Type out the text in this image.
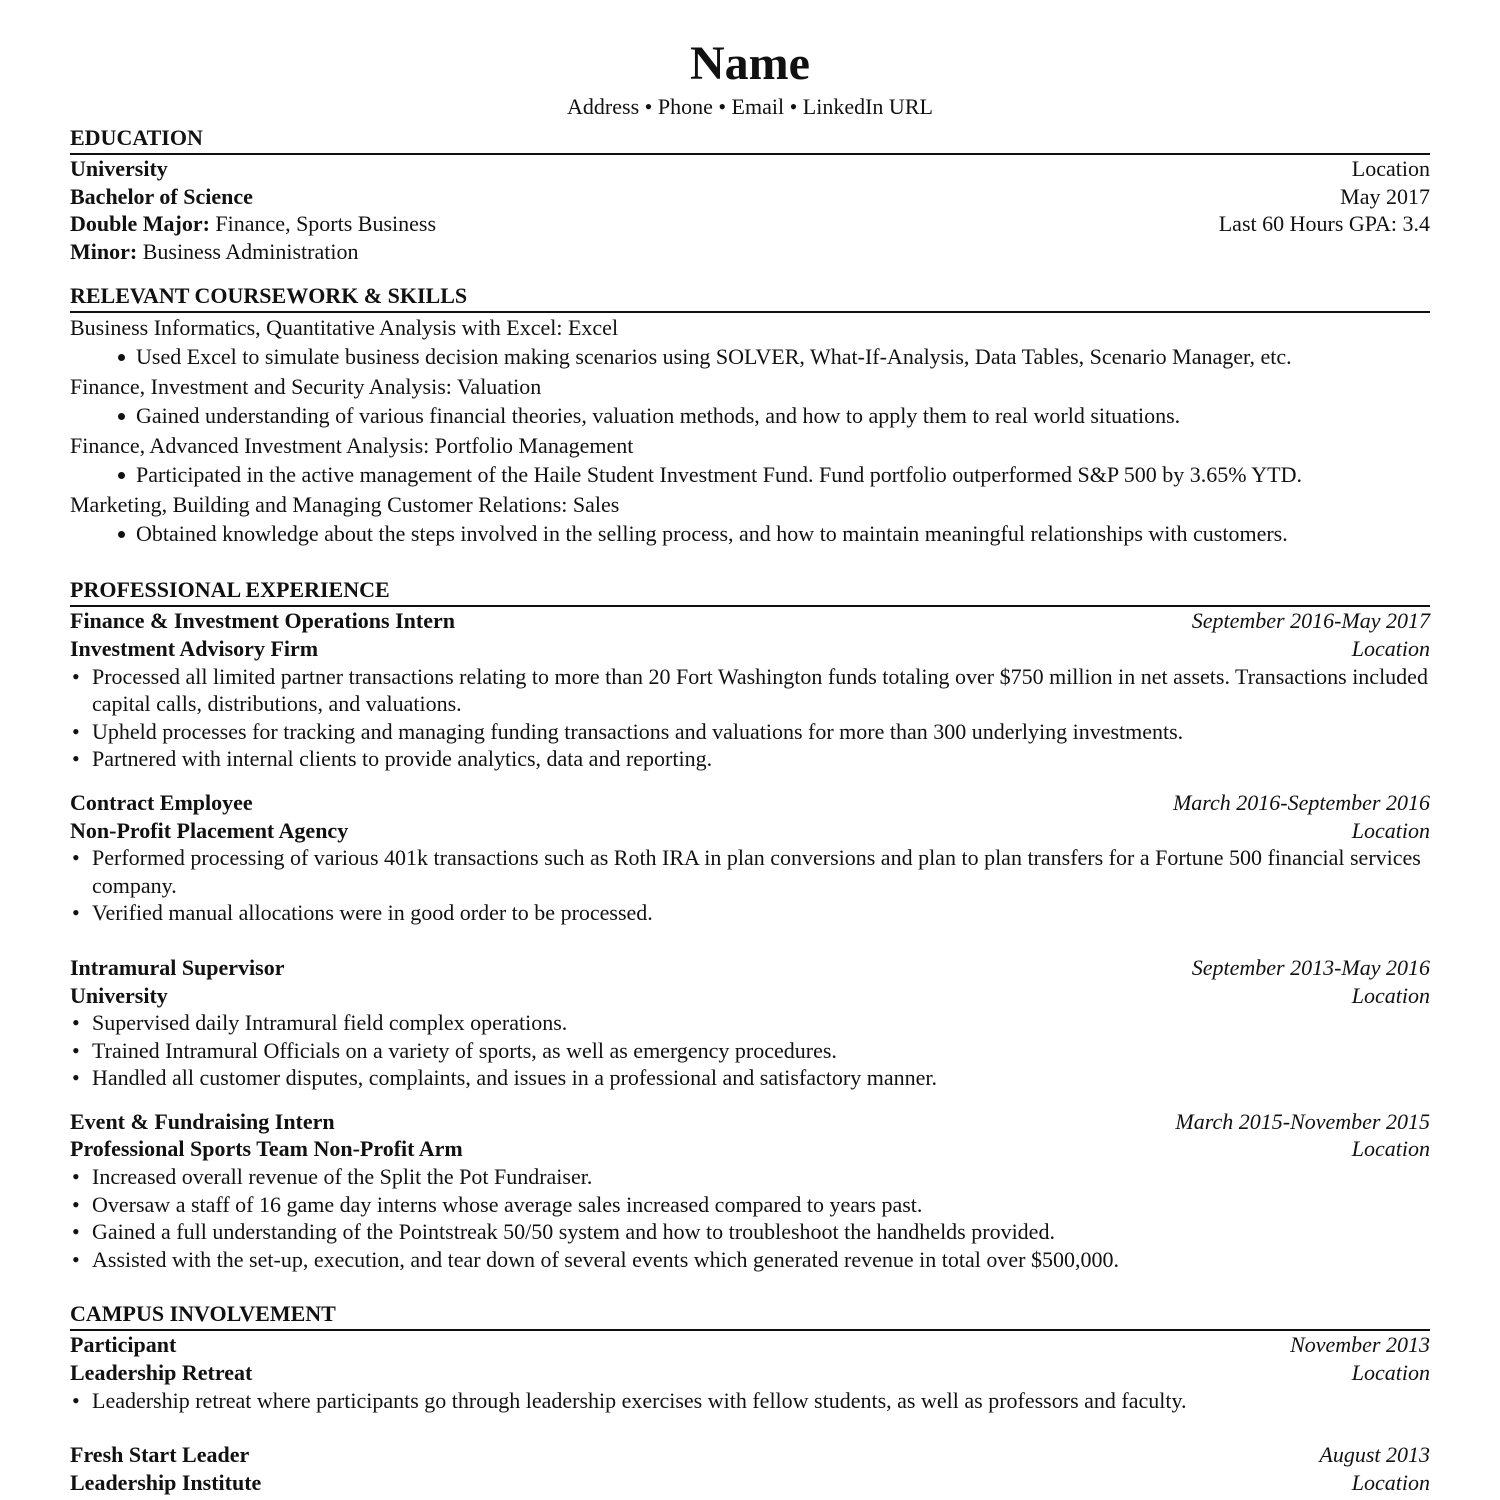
Name
Address • Phone • Email • LinkedIn URL
EDUCATION
University	Location
Bachelor of Science	May 2017
Double Major: Finance, Sports Business	Last 60 Hours GPA: 3.4
Minor: Business Administration
RELEVANT COURSEWORK & SKILLS
Business Informatics, Quantitative Analysis with Excel: Excel
Used Excel to simulate business decision making scenarios using SOLVER, What-If-Analysis, Data Tables, Scenario Manager, etc.
Finance, Investment and Security Analysis: Valuation
Gained understanding of various financial theories, valuation methods, and how to apply them to real world situations.
Finance, Advanced Investment Analysis: Portfolio Management
Participated in the active management of the Haile Student Investment Fund. Fund portfolio outperformed S&P 500 by 3.65% YTD.
Marketing, Building and Managing Customer Relations: Sales
Obtained knowledge about the steps involved in the selling process, and how to maintain meaningful relationships with customers.
PROFESSIONAL EXPERIENCE
Finance & Investment Operations Intern	September 2016-May 2017
Investment Advisory Firm	Location
• Processed all limited partner transactions relating to more than 20 Fort Washington funds totaling over $750 million in net assets. Transactions included capital calls, distributions, and valuations.
• Upheld processes for tracking and managing funding transactions and valuations for more than 300 underlying investments.
• Partnered with internal clients to provide analytics, data and reporting.
Contract Employee	March 2016-September 2016
Non-Profit Placement Agency	Location
• Performed processing of various 401k transactions such as Roth IRA in plan conversions and plan to plan transfers for a Fortune 500 financial services company.
• Verified manual allocations were in good order to be processed.
Intramural Supervisor	September 2013-May 2016
University	Location
• Supervised daily Intramural field complex operations.
• Trained Intramural Officials on a variety of sports, as well as emergency procedures.
• Handled all customer disputes, complaints, and issues in a professional and satisfactory manner.
Event & Fundraising Intern	March 2015-November 2015
Professional Sports Team Non-Profit Arm	Location
• Increased overall revenue of the Split the Pot Fundraiser.
• Oversaw a staff of 16 game day interns whose average sales increased compared to years past.
• Gained a full understanding of the Pointstreak 50/50 system and how to troubleshoot the handhelds provided.
• Assisted with the set-up, execution, and tear down of several events which generated revenue in total over $500,000.
CAMPUS INVOLVEMENT
Participant	November 2013
Leadership Retreat	Location
• Leadership retreat where participants go through leadership exercises with fellow students, as well as professors and faculty.
Fresh Start Leader	August 2013
Leadership Institute	Location
